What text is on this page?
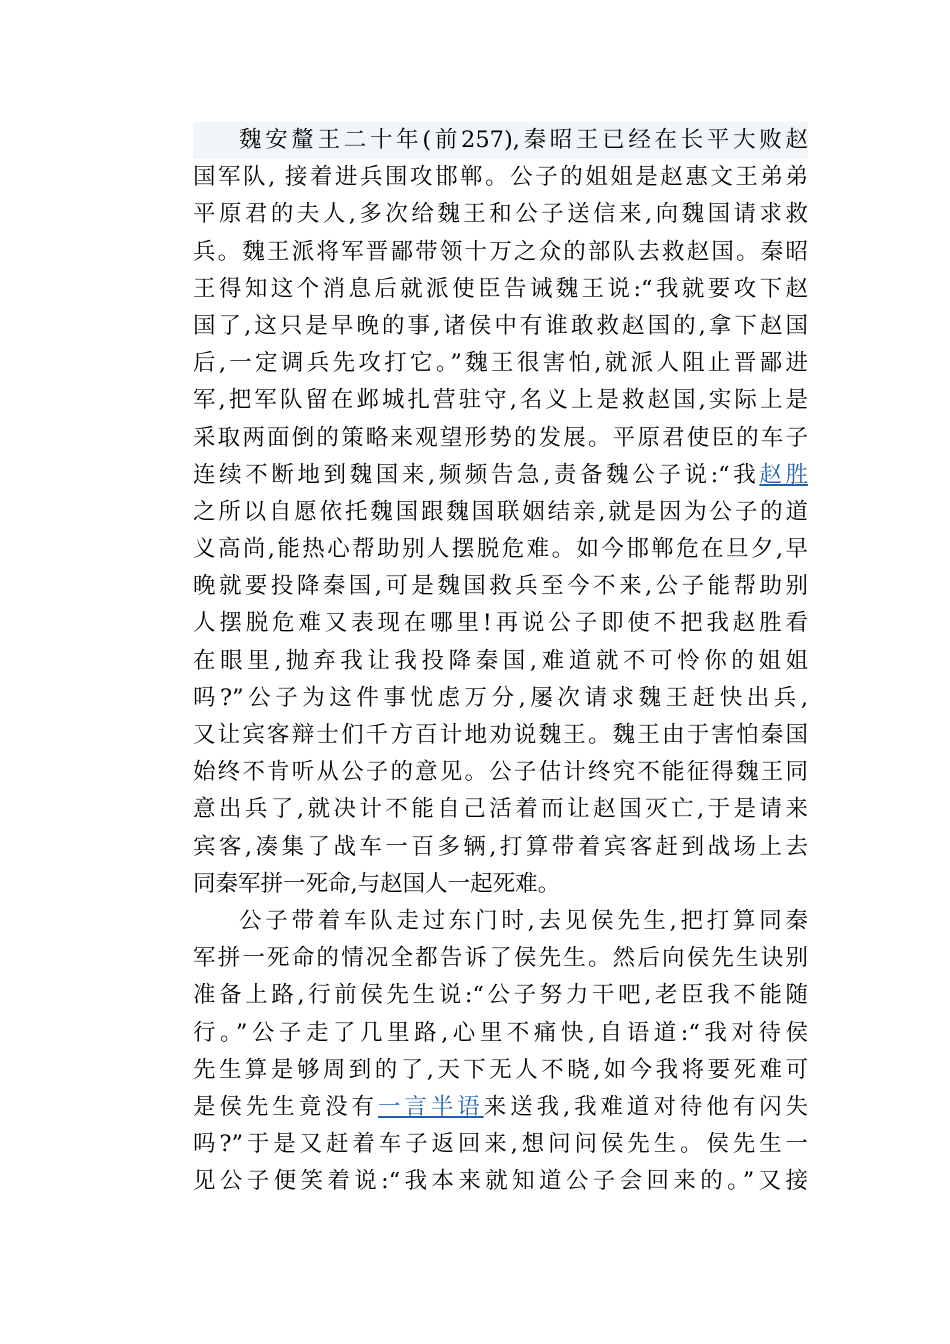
魏安釐王二十年(前257),秦昭王已经在长平大败赵
国军队, 接着进兵围攻邯郸。公子的姐姐是赵惠文王弟弟
平原君的夫人,多次给魏王和公子送信来,向魏国请求救
兵。魏王派将军晋鄙带领十万之众的部队去救赵国。秦昭
王得知这个消息后就派使臣告诫魏王说:“我就要攻下赵
国了,这只是早晚的事,诸侯中有谁敢救赵国的,拿下赵国
后,一定调兵先攻打它。”魏王很害怕,就派人阻止晋鄙进
军,把军队留在邺城扎营驻守,名义上是救赵国,实际上是
采取两面倒的策略来观望形势的发展。平原君使臣的车子
连续不断地到魏国来,频频告急,责备魏公子说:“我赵胜
之所以自愿依托魏国跟魏国联姻结亲,就是因为公子的道
义高尚,能热心帮助别人摆脱危难。如今邯郸危在旦夕,早
晚就要投降秦国,可是魏国救兵至今不来,公子能帮助别
人摆脱危难又表现在哪里!再说公子即使不把我赵胜看
在眼里,抛弃我让我投降秦国,难道就不可怜你的姐姐
吗?”公子为这件事忧虑万分,屡次请求魏王赶快出兵,
又让宾客辩士们千方百计地劝说魏王。魏王由于害怕秦国
始终不肯听从公子的意见。公子估计终究不能征得魏王同
意出兵了,就决计不能自己活着而让赵国灭亡,于是请来
宾客,凑集了战车一百多辆,打算带着宾客赶到战场上去
同秦军拼一死命,与赵国人一起死难。
公子带着车队走过东门时,去见侯先生,把打算同秦
军拼一死命的情况全都告诉了侯先生。然后向侯先生诀别
准备上路,行前侯先生说:“公子努力干吧,老臣我不能随
行。”公子走了几里路,心里不痛快,自语道:“我对待侯
先生算是够周到的了,天下无人不晓,如今我将要死难可
是侯先生竟没有一言半语来送我,我难道对待他有闪失
吗?”于是又赶着车子返回来,想问问侯先生。侯先生一
见公子便笑着说:“我本来就知道公子会回来的。”又接
